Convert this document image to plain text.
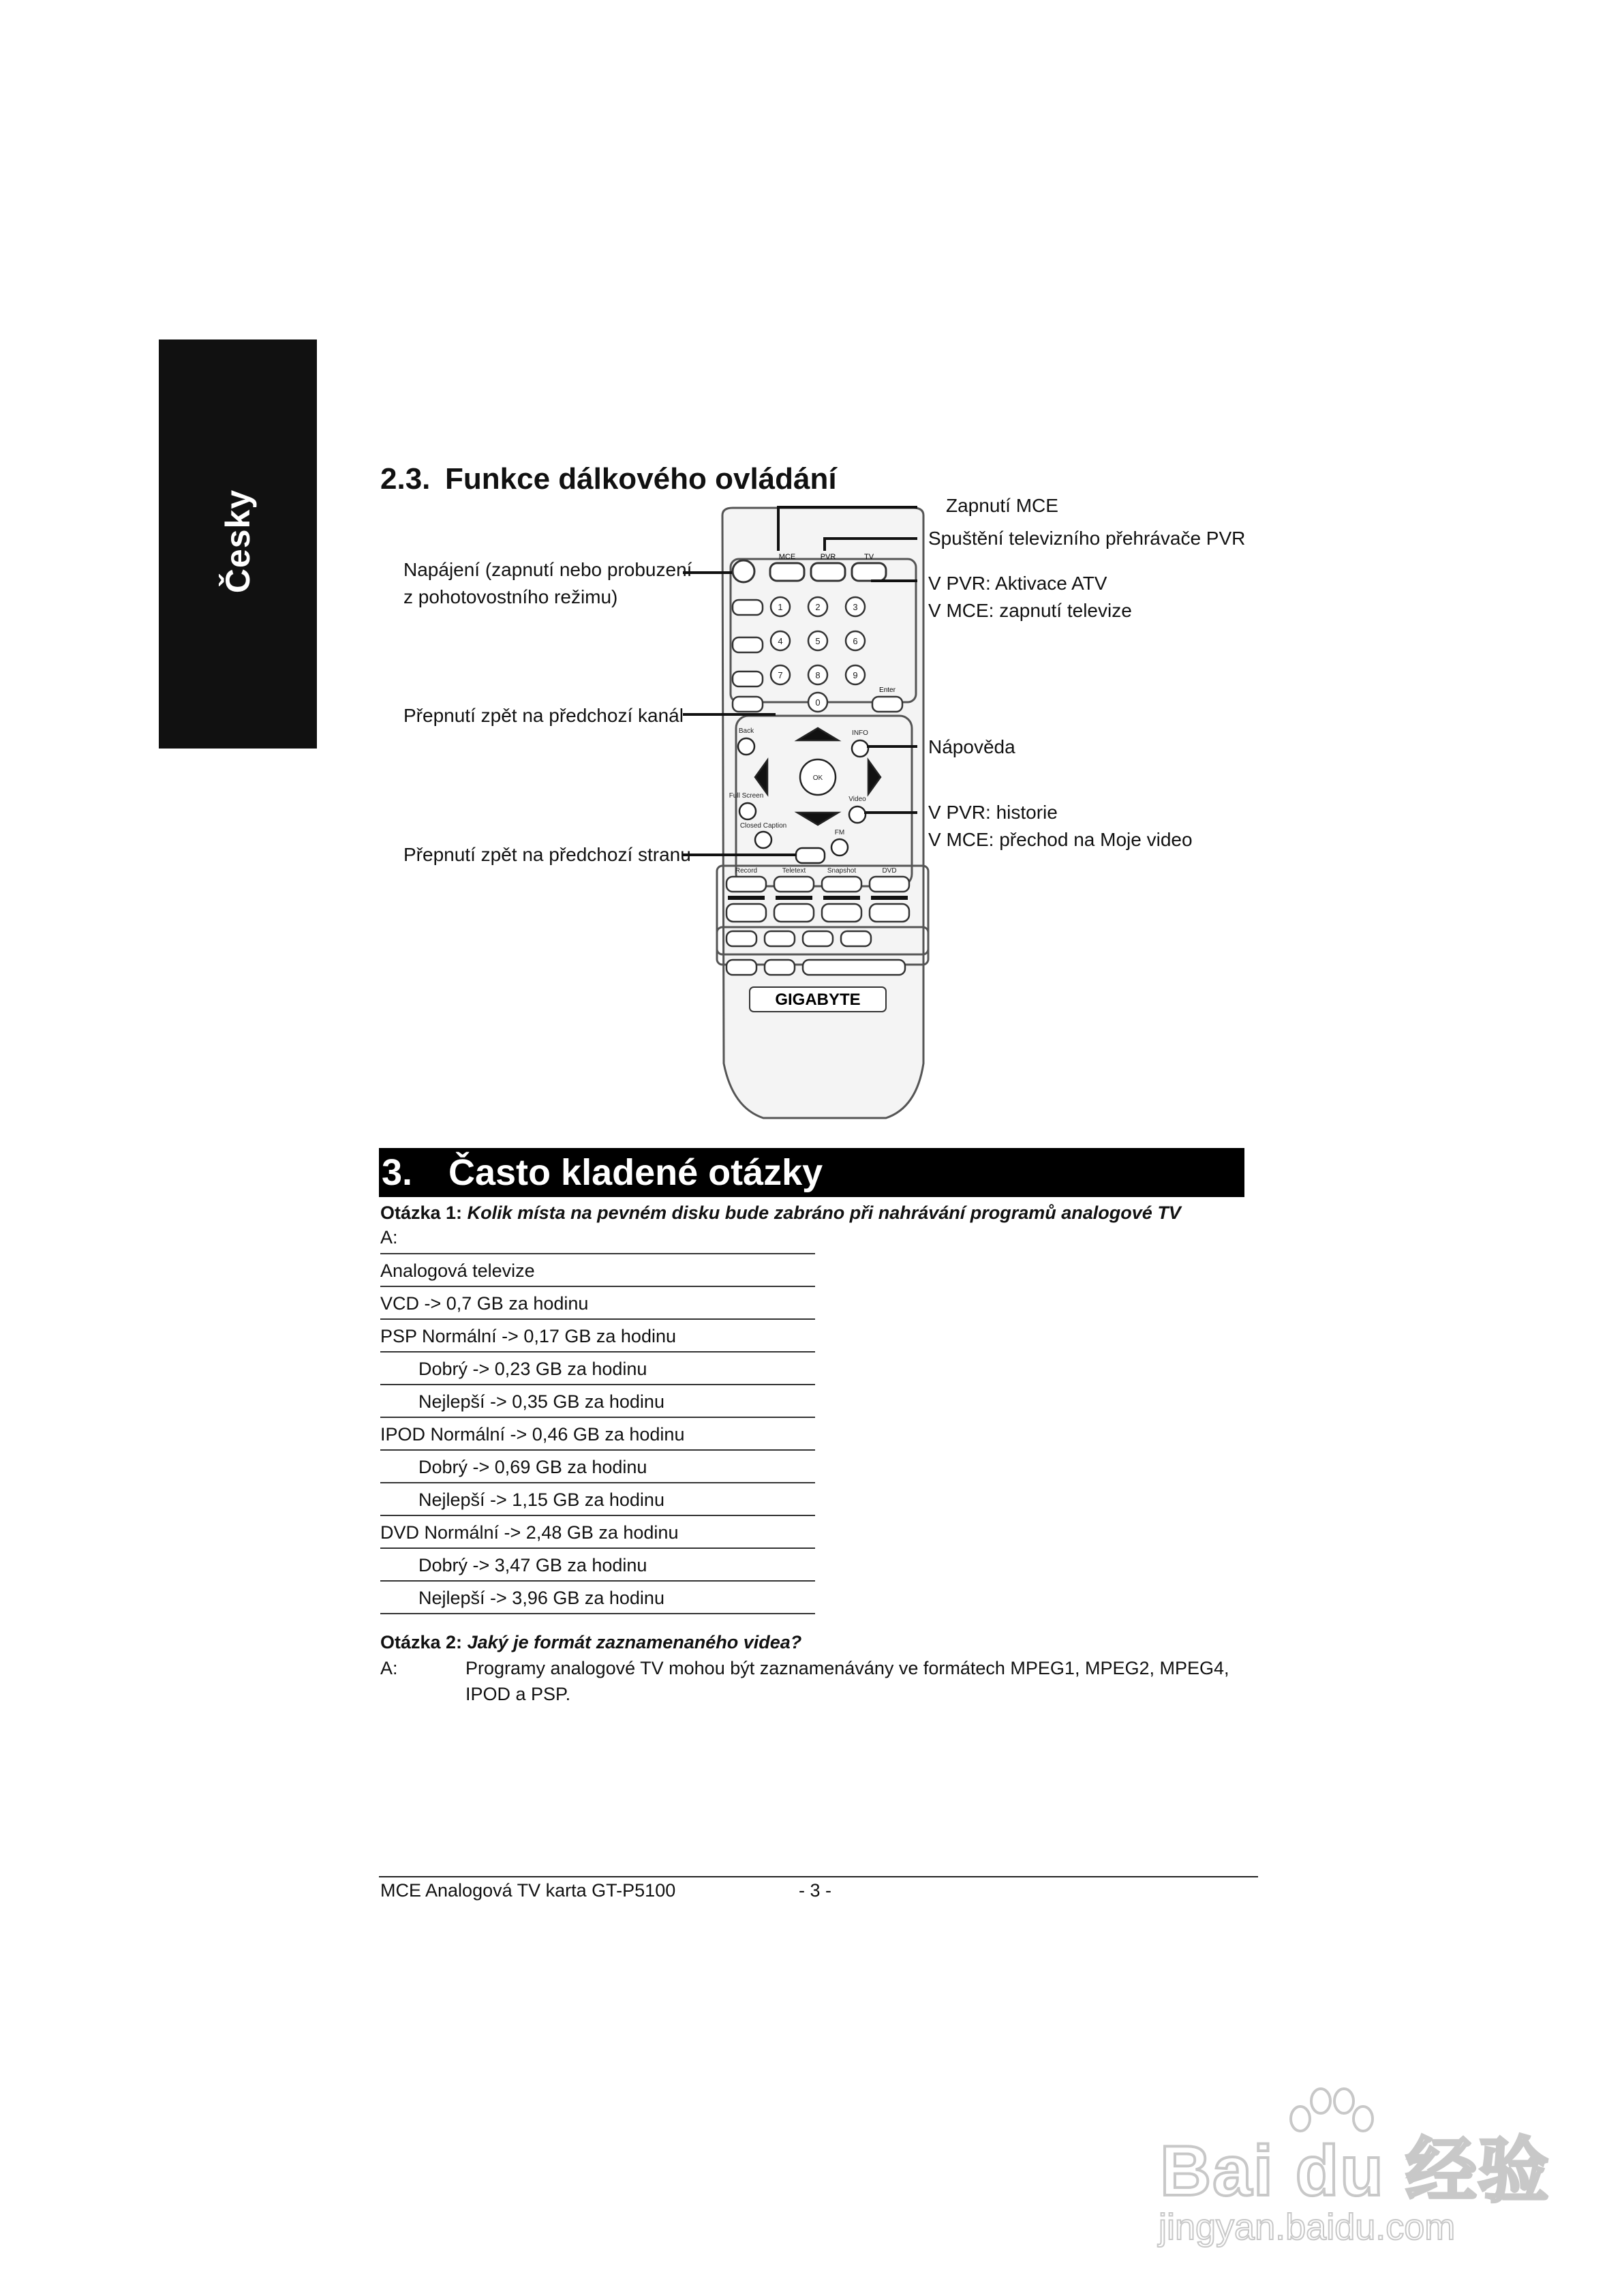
Česky
2.3. Funkce dálkového ovládání
MCE	PVR	TV
1	2	3
4	5	6
7	8	9
0
Enter
OK
INFO
Back
Full Screen	Video
Closed Caption
FM
Record	Teletext	Snapshot	DVD
GIGABYTE
Napájení (zapnutí nebo probuzení
z pohotovostního režimu)
Zapnutí MCE
Spuštění televizního přehrávače PVR
V PVR: Aktivace ATV
V MCE: zapnutí televize
Přepnutí zpět na předchozí kanál
Nápověda
V PVR: historie
V MCE: přechod na Moje video
Přepnutí zpět na předchozí stranu
3. Často kladené otázky
Otázka 1: Kolik místa na pevném disku bude zabráno při nahrávání programů analogové TV
A:
Analogová televize
VCD -> 0,7 GB za hodinu
PSP Normální -> 0,17 GB za hodinu
Dobrý -> 0,23 GB za hodinu
Nejlepší -> 0,35 GB za hodinu
IPOD Normální -> 0,46 GB za hodinu
Dobrý -> 0,69 GB za hodinu
Nejlepší -> 1,15 GB za hodinu
DVD Normální -> 2,48 GB za hodinu
Dobrý -> 3,47 GB za hodinu
Nejlepší -> 3,96 GB za hodinu
Otázka 2: Jaký je formát zaznamenaného videa?
A:	Programy analogové TV mohou být zaznamenávány ve formátech MPEG1, MPEG2, MPEG4, IPOD a PSP.
MCE Analogová TV karta GT-P5100	- 3 -
Bai du 经验
jingyan.baidu.com
